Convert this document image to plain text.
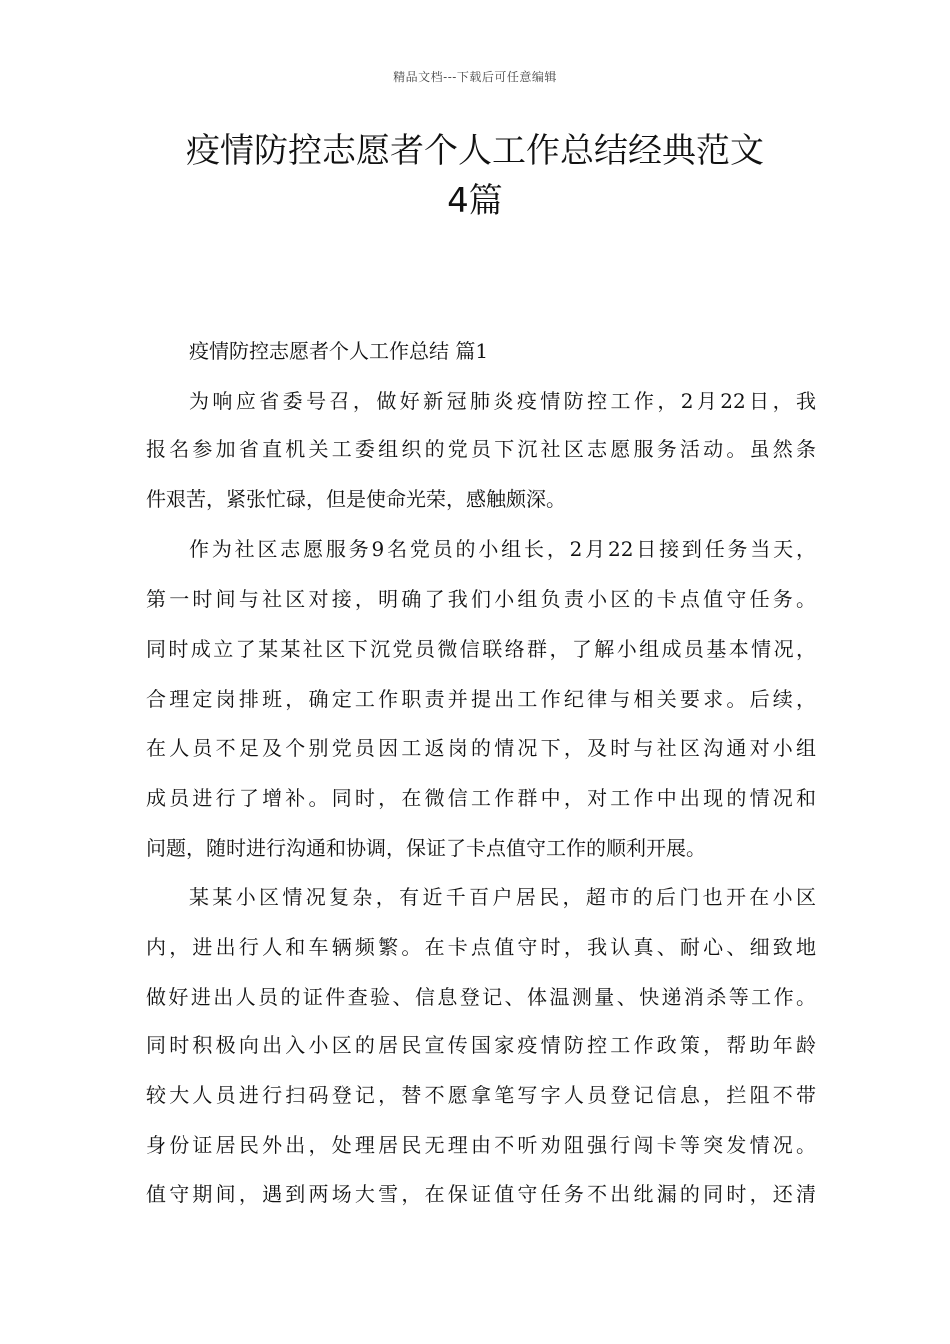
精品文档---下载后可任意编辑
疫情防控志愿者个人工作总结经典范文
4篇
疫情防控志愿者个人工作总结 篇1
为响应省委号召，做好新冠肺炎疫情防控工作，2月22日，我
报名参加省直机关工委组织的党员下沉社区志愿服务活动。虽然条
件艰苦，紧张忙碌，但是使命光荣，感触颇深。
作为社区志愿服务9名党员的小组长，2月22日接到任务当天，
第一时间与社区对接，明确了我们小组负责小区的卡点值守任务。
同时成立了某某社区下沉党员微信联络群，了解小组成员基本情况，
合理定岗排班，确定工作职责并提出工作纪律与相关要求。后续，
在人员不足及个别党员因工返岗的情况下，及时与社区沟通对小组
成员进行了增补。同时，在微信工作群中，对工作中出现的情况和
问题，随时进行沟通和协调，保证了卡点值守工作的顺利开展。
某某小区情况复杂，有近千百户居民，超市的后门也开在小区
内，进出行人和车辆频繁。在卡点值守时，我认真、耐心、细致地
做好进出人员的证件查验、信息登记、体温测量、快递消杀等工作。
同时积极向出入小区的居民宣传国家疫情防控工作政策，帮助年龄
较大人员进行扫码登记，替不愿拿笔写字人员登记信息，拦阻不带
身份证居民外出，处理居民无理由不听劝阻强行闯卡等突发情况。
值守期间，遇到两场大雪，在保证值守任务不出纰漏的同时，还清
